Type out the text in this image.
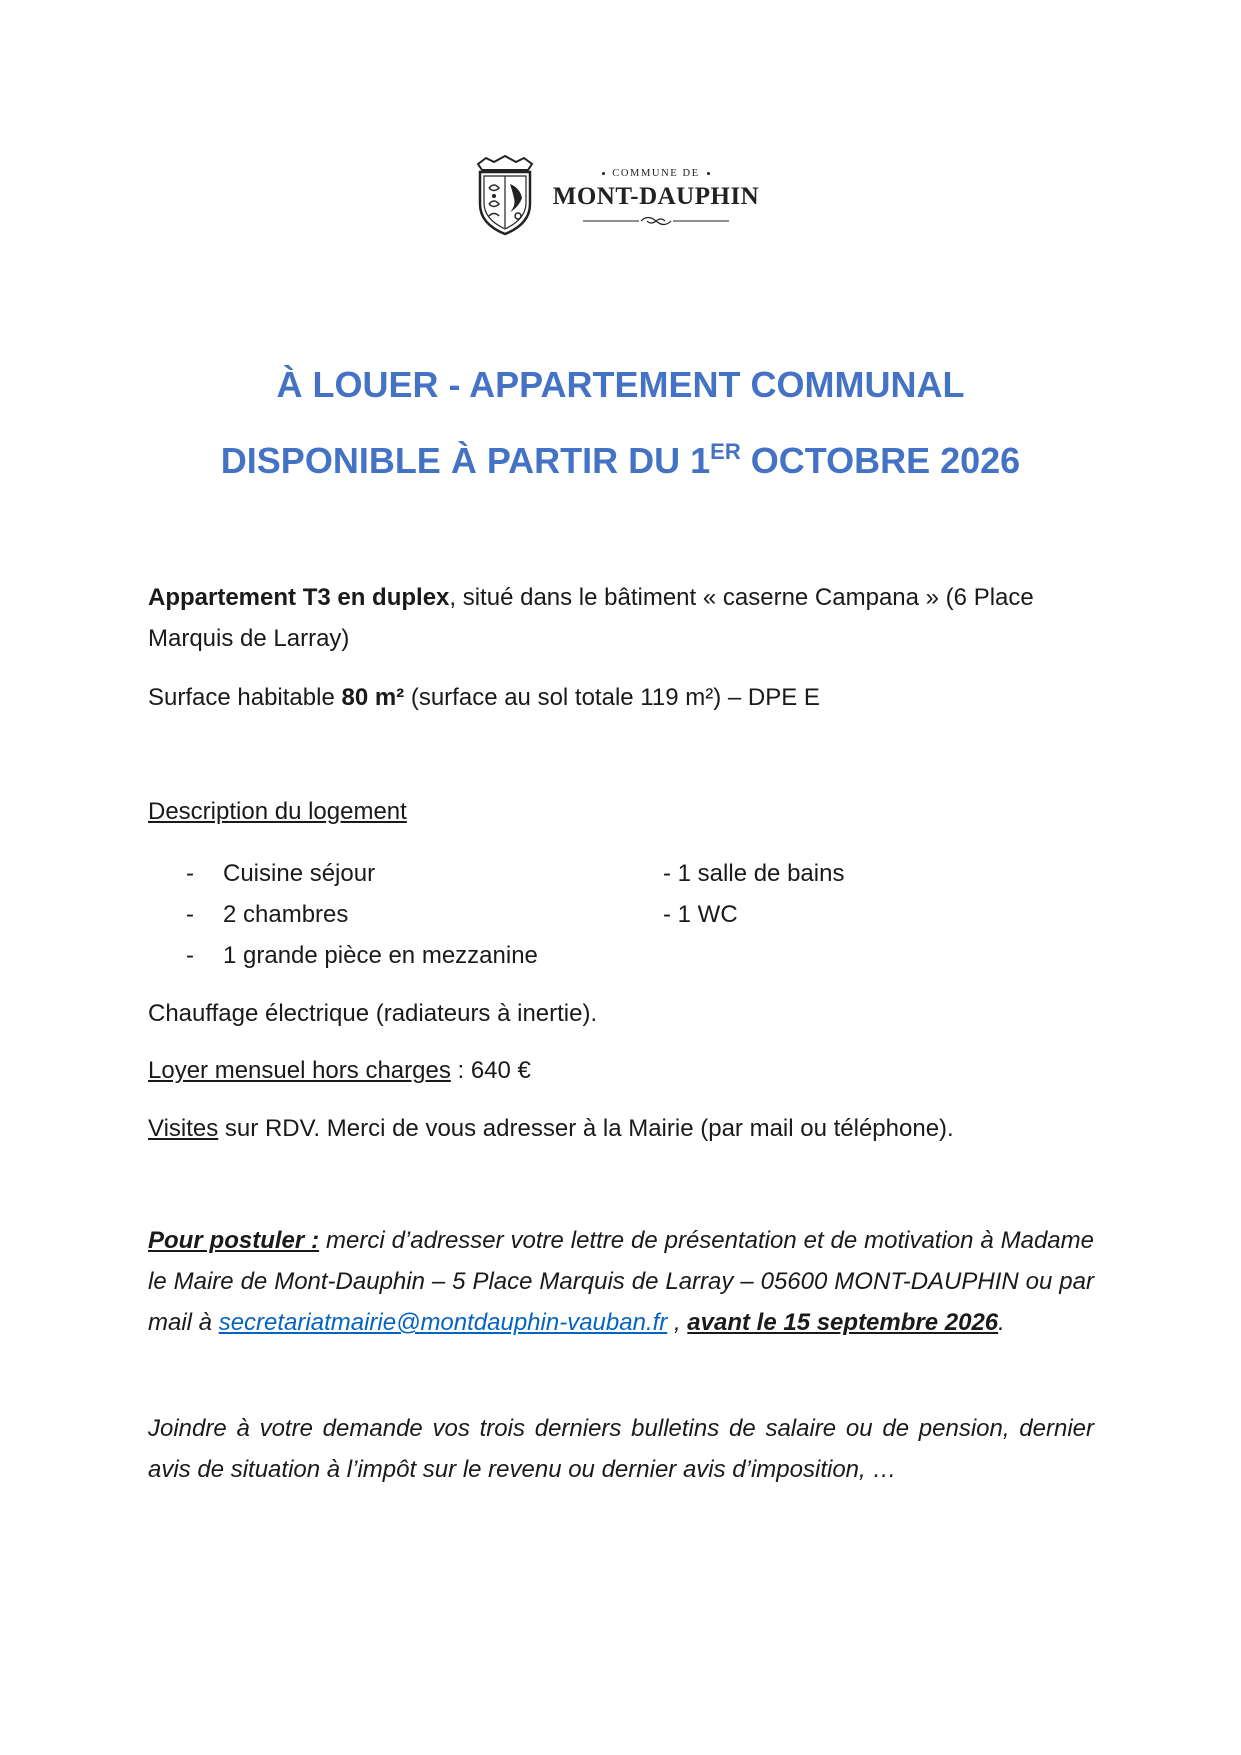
COMMUNE DE
MONT-DAUPHIN
À LOUER - APPARTEMENT COMMUNAL
DISPONIBLE À PARTIR DU 1ER OCTOBRE 2026

Appartement T3 en duplex, situé dans le bâtiment « caserne Campana » (6 Place Marquis de Larray)

Surface habitable 80 m² (surface au sol totale 119 m²) – DPE E

Description du logement

- Cuisine séjour	- 1 salle de bains
- 2 chambres	- 1 WC
- 1 grande pièce en mezzanine

Chauffage électrique (radiateurs à inertie).

Loyer mensuel hors charges : 640 €

Visites sur RDV. Merci de vous adresser à la Mairie (par mail ou téléphone).

Pour postuler : merci d’adresser votre lettre de présentation et de motivation à Madame le Maire de Mont-Dauphin – 5 Place Marquis de Larray – 05600 MONT-DAUPHIN ou par mail à secretariatmairie@montdauphin-vauban.fr , avant le 15 septembre 2026.

Joindre à votre demande vos trois derniers bulletins de salaire ou de pension, dernier avis de situation à l’impôt sur le revenu ou dernier avis d’imposition, …
